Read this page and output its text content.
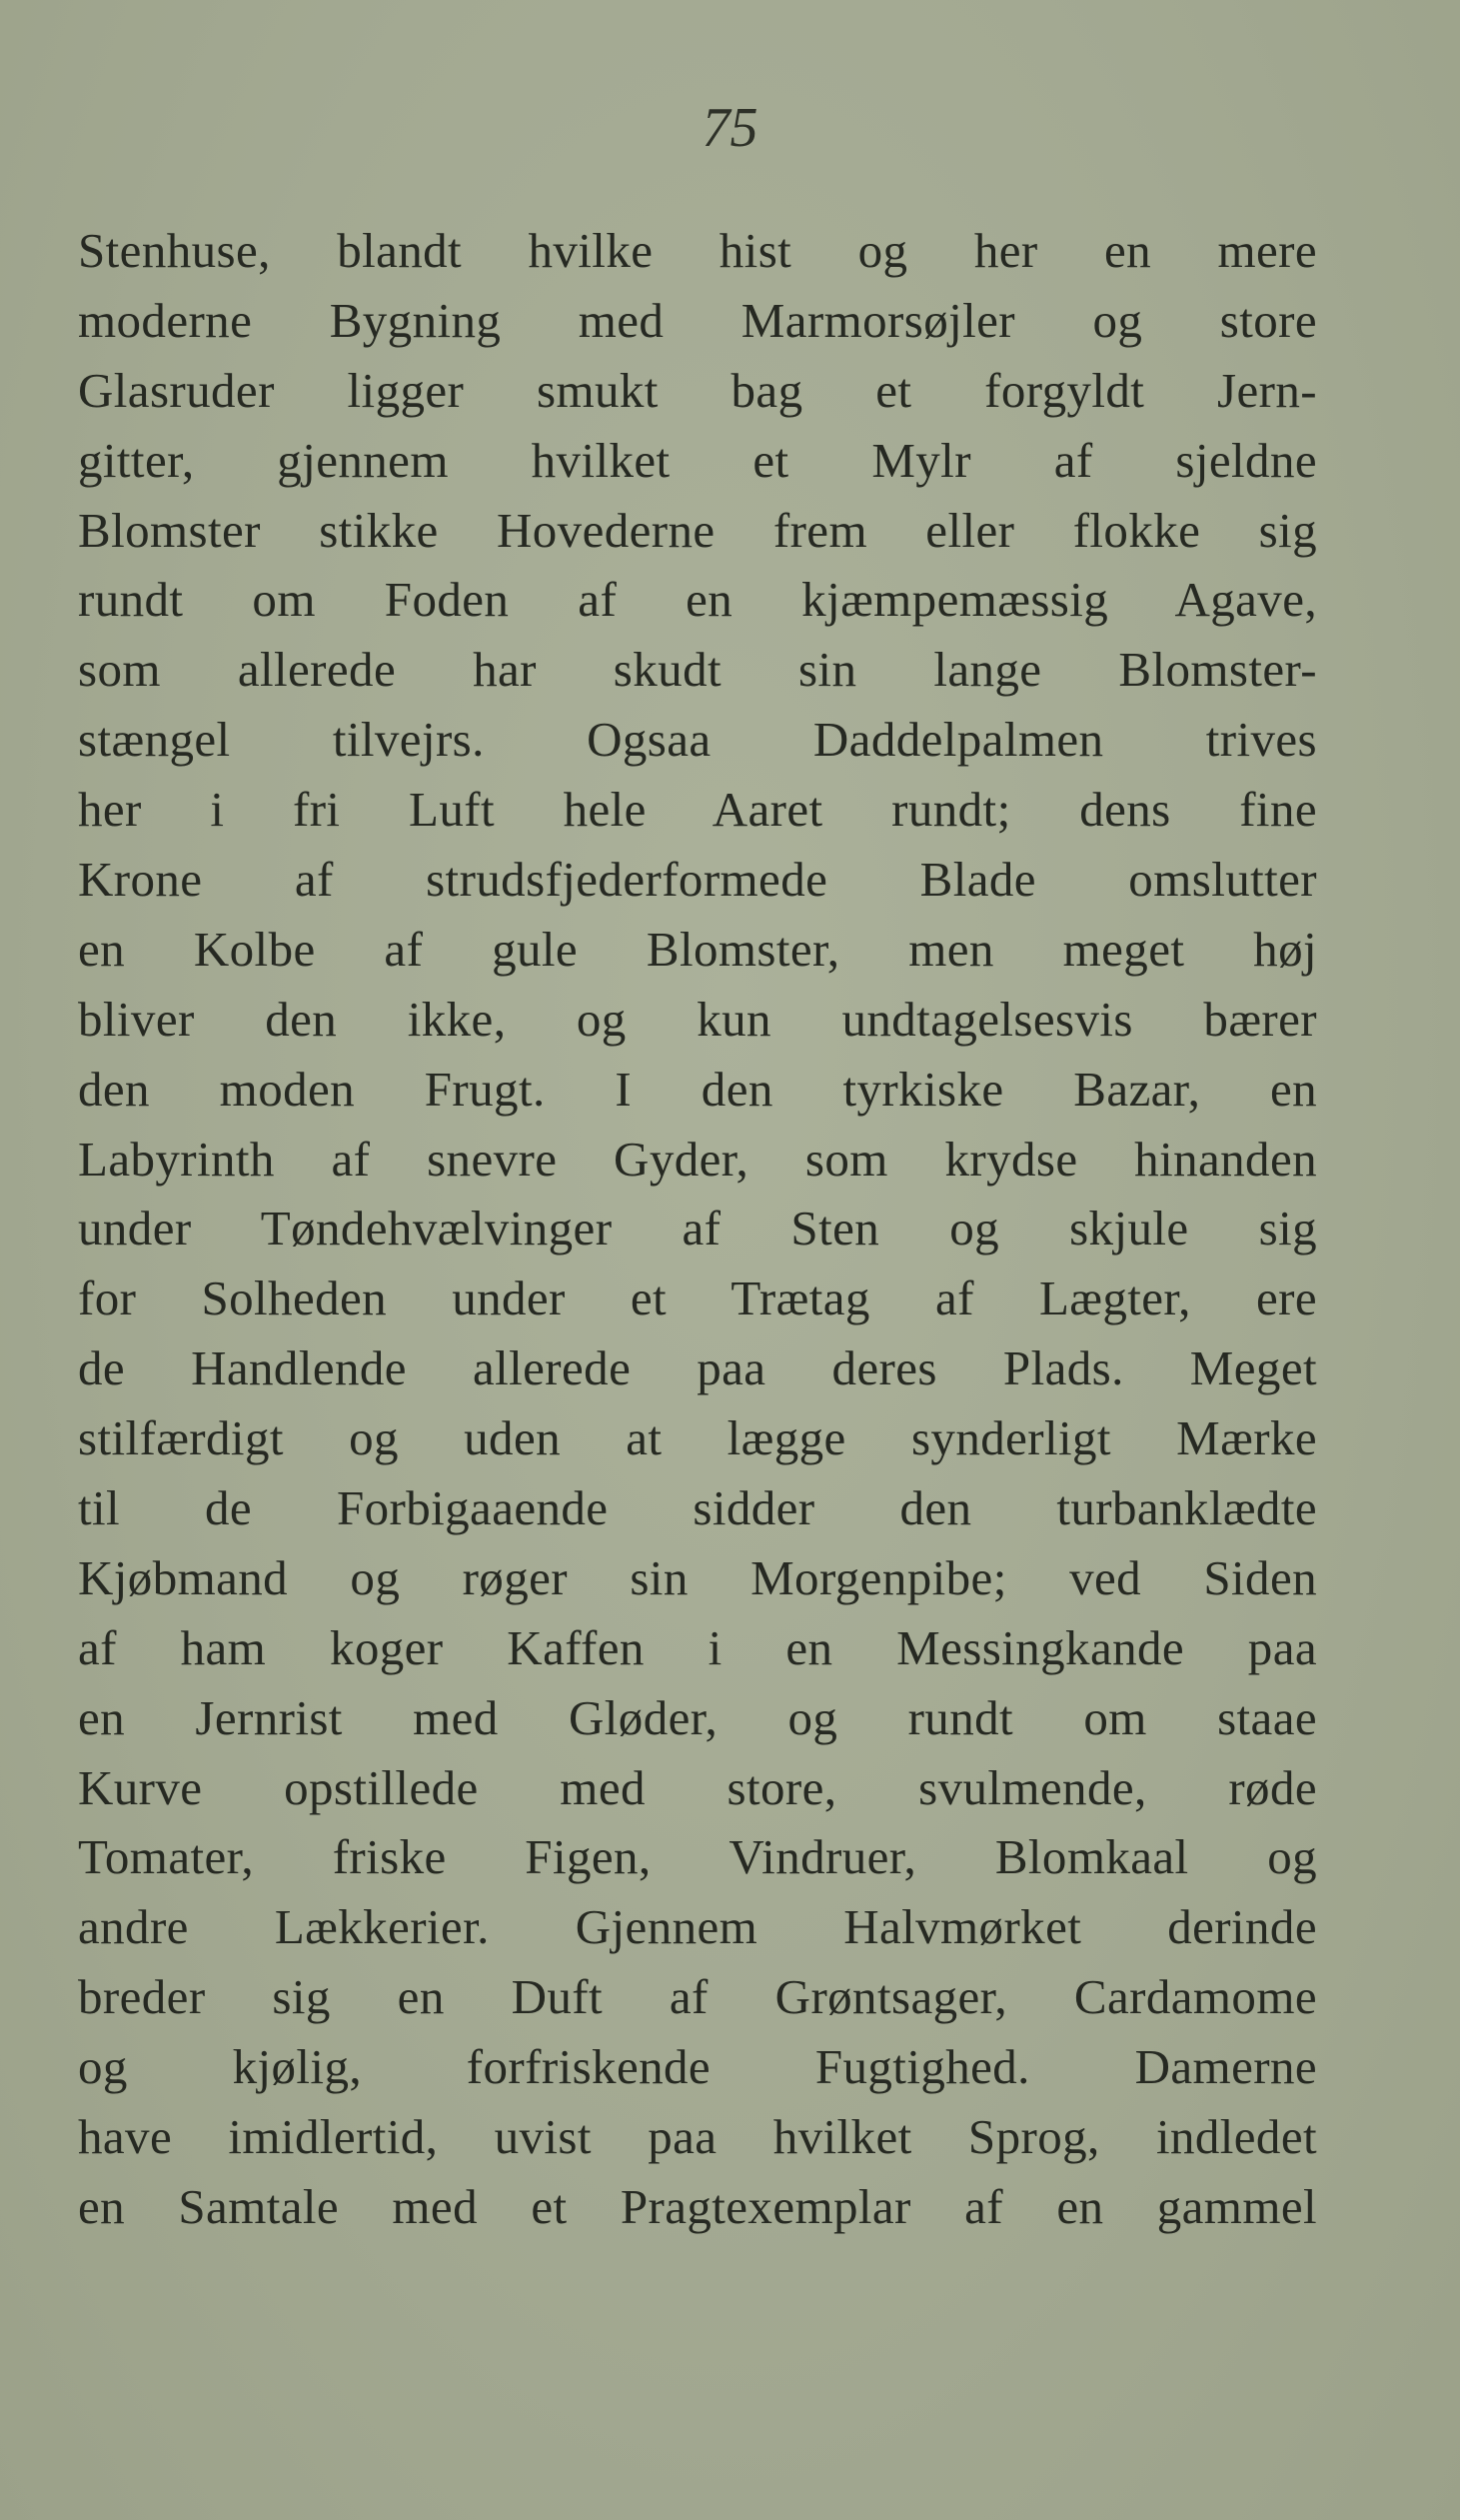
75
Stenhuse, blandt hvilke hist og her en mere
moderne Bygning med Marmorsøjler og store
Glasruder ligger smukt bag et forgyldt Jern-
gitter, gjennem hvilket et Mylr af sjeldne
Blomster stikke Hovederne frem eller flokke sig
rundt om Foden af en kjæmpemæssig Agave,
som allerede har skudt sin lange Blomster-
stængel tilvejrs. Ogsaa Daddelpalmen trives
her i fri Luft hele Aaret rundt; dens fine
Krone af strudsfjederformede Blade omslutter
en Kolbe af gule Blomster, men meget høj
bliver den ikke, og kun undtagelsesvis bærer
den moden Frugt. I den tyrkiske Bazar, en
Labyrinth af snevre Gyder, som krydse hinanden
under Tøndehvælvinger af Sten og skjule sig
for Solheden under et Trætag af Lægter, ere
de Handlende allerede paa deres Plads. Meget
stilfærdigt og uden at lægge synderligt Mærke
til de Forbigaaende sidder den turbanklædte
Kjøbmand og røger sin Morgenpibe; ved Siden
af ham koger Kaffen i en Messingkande paa
en Jernrist med Gløder, og rundt om staae
Kurve opstillede med store, svulmende, røde
Tomater, friske Figen, Vindruer, Blomkaal og
andre Lækkerier. Gjennem Halvmørket derinde
breder sig en Duft af Grøntsager, Cardamome
og kjølig, forfriskende Fugtighed. Damerne
have imidlertid, uvist paa hvilket Sprog, indledet
en Samtale med et Pragtexemplar af en gammel
